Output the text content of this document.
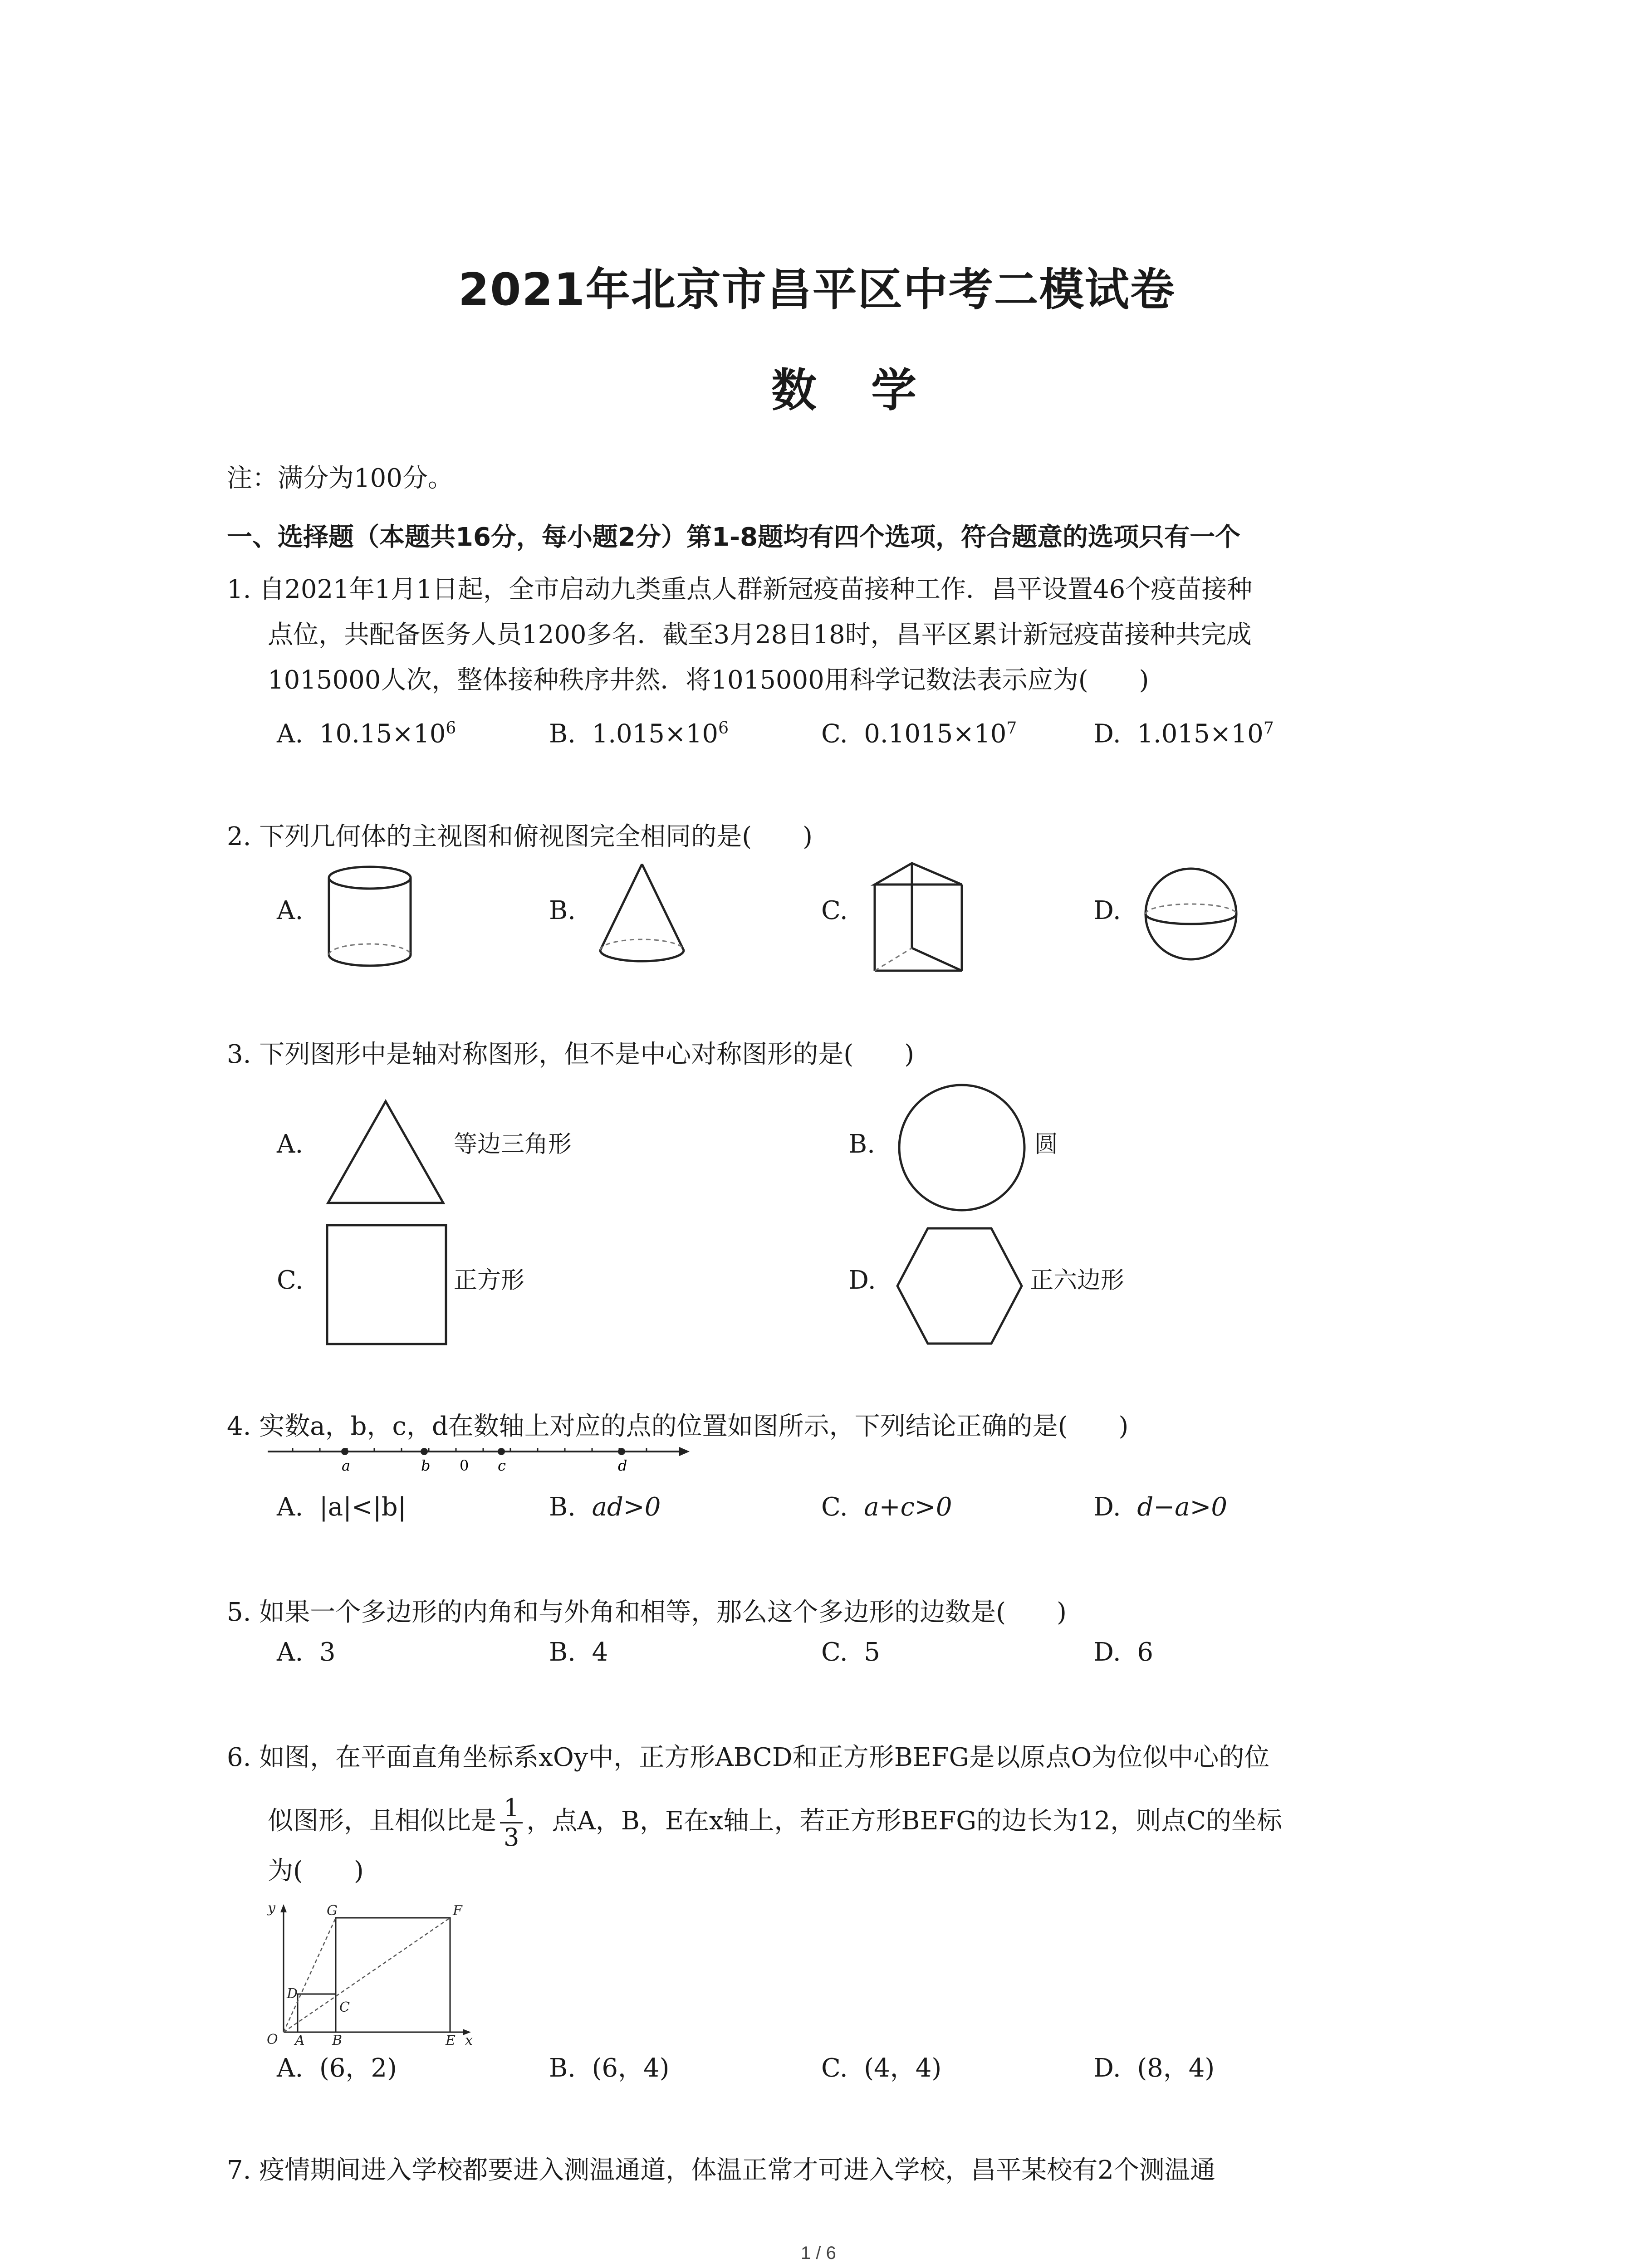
2021年北京市昌平区中考二模试卷
数学
注：满分为100分。
一、选择题（本题共16分，每小题2分）第1-8题均有四个选项，符合题意的选项只有一个
1. 自2021年1月1日起，全市启动九类重点人群新冠疫苗接种工作．昌平设置46个疫苗接种
点位，共配备医务人员1200多名．截至3月28日18时，昌平区累计新冠疫苗接种共完成
1015000人次，整体接种秩序井然．将1015000用科学记数法表示应为(　　)
A. $10.15\times 10^6$	B. $1.015\times 10^6$	C. $0.1015\times 10^7$	D. $1.015\times 10^7$
2. 下列几何体的主视图和俯视图完全相同的是(　　)
A.	B.	C.	D.
3. 下列图形中是轴对称图形，但不是中心对称图形的是(　　)
A.	等边三角形	B.	圆
C.	正方形	D.	正六边形
4. 实数a，b，c，d在数轴上对应的点的位置如图所示，下列结论正确的是(　　)
a	b 0 c	d
A. |a|<|b|	B. ad>0	C. a+c>0	D. d−a>0
5. 如果一个多边形的内角和与外角和相等，那么这个多边形的边数是(　　)
A. 3	B. 4	C. 5	D. 6
6. 如图，在平面直角坐标系xOy中，正方形ABCD和正方形BEFG是以原点O为位似中心的位
似图形，且相似比是 $\frac{1}{3}$ ，点A，B，E在x轴上，若正方形BEFG的边长为12，则点C的坐标
为(　　)
y	G	F
D
C
O A B	E x
A. (6，2)	B. (6，4)	C. (4，4)	D. (8，4)
7. 疫情期间进入学校都要进入测温通道，体温正常才可进入学校，昌平某校有2个测温通
1 / 6
